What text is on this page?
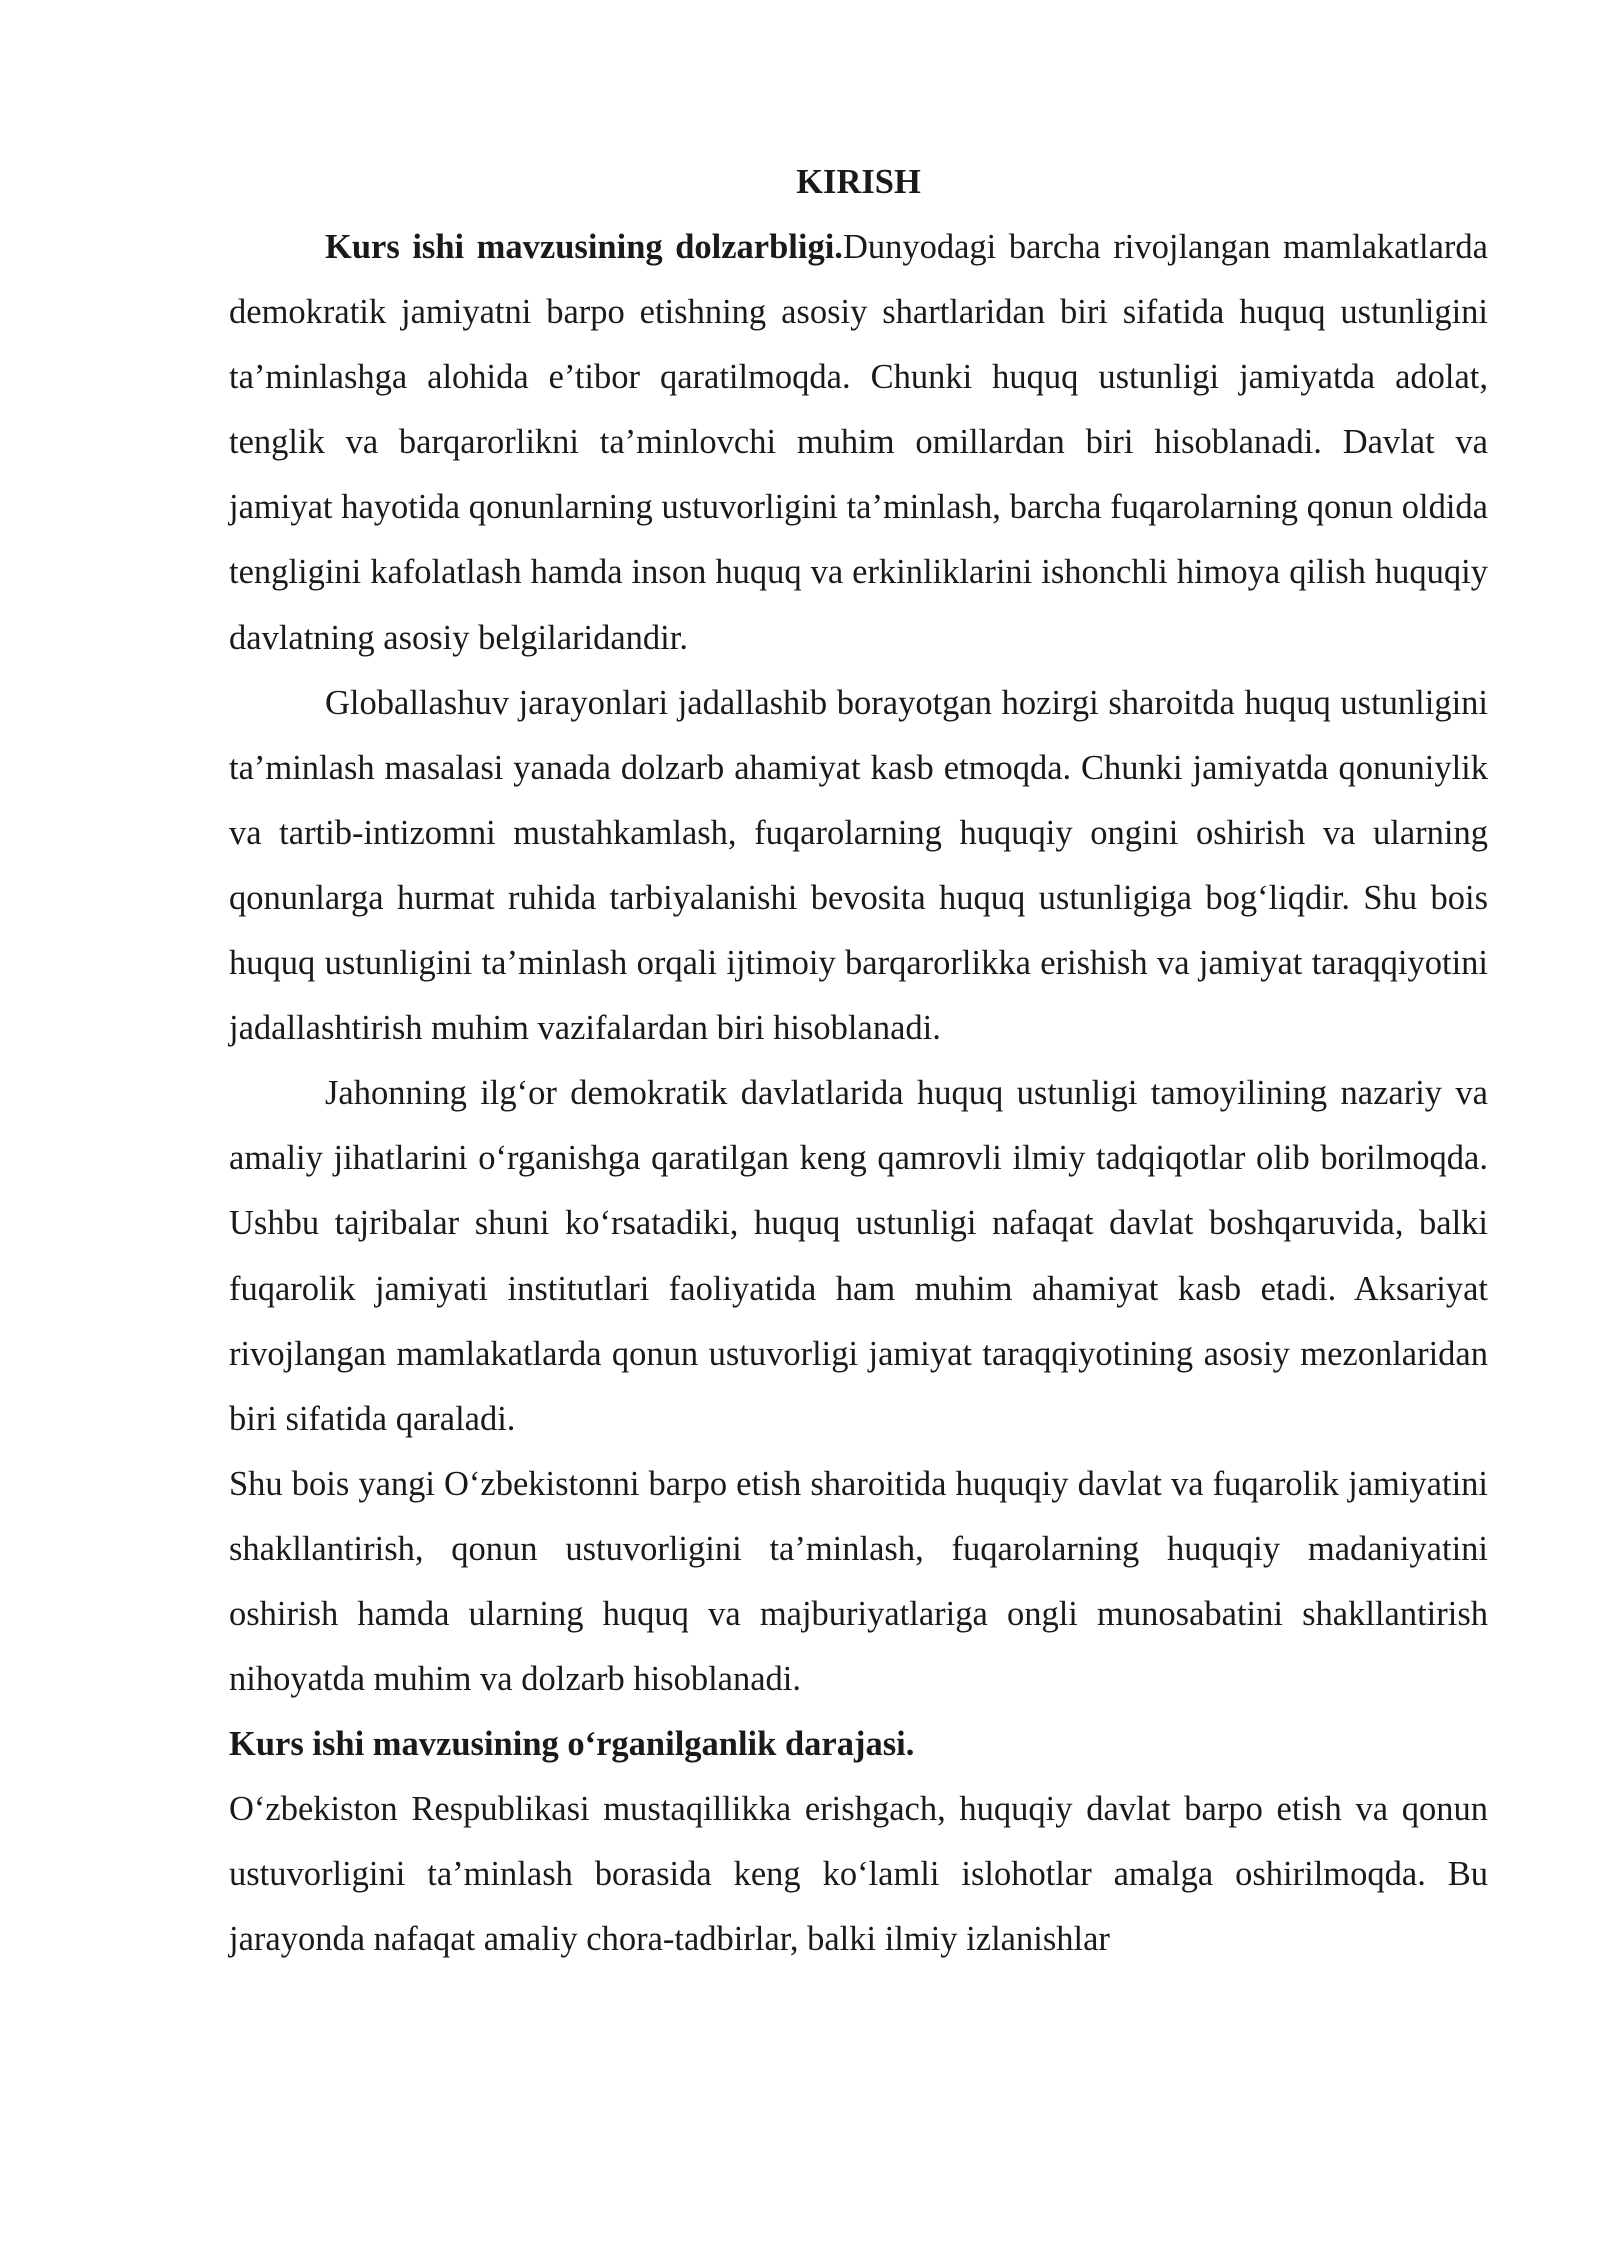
KIRISH

Kurs ishi mavzusining dolzarbligi.Dunyodagi barcha rivojlangan mamlakatlarda demokratik jamiyatni barpo etishning asosiy shartlaridan biri sifatida huquq ustunligini ta’minlashga alohida e’tibor qaratilmoqda. Chunki huquq ustunligi jamiyatda adolat, tenglik va barqarorlikni ta’minlovchi muhim omillardan biri hisoblanadi. Davlat va jamiyat hayotida qonunlarning ustuvorligini ta’minlash, barcha fuqarolarning qonun oldida tengligini kafolatlash hamda inson huquq va erkinliklarini ishonchli himoya qilish huquqiy davlatning asosiy belgilaridandir.

Globallashuv jarayonlari jadallashib borayotgan hozirgi sharoitda huquq ustunligini ta’minlash masalasi yanada dolzarb ahamiyat kasb etmoqda. Chunki jamiyatda qonuniylik va tartib-intizomni mustahkamlash, fuqarolarning huquqiy ongini oshirish va ularning qonunlarga hurmat ruhida tarbiyalanishi bevosita huquq ustunligiga bog‘liqdir. Shu bois huquq ustunligini ta’minlash orqali ijtimoiy barqarorlikka erishish va jamiyat taraqqiyotini jadallashtirish muhim vazifalardan biri hisoblanadi.

Jahonning ilg‘or demokratik davlatlarida huquq ustunligi tamoyilining nazariy va amaliy jihatlarini o‘rganishga qaratilgan keng qamrovli ilmiy tadqiqotlar olib borilmoqda. Ushbu tajribalar shuni ko‘rsatadiki, huquq ustunligi nafaqat davlat boshqaruvida, balki fuqarolik jamiyati institutlari faoliyatida ham muhim ahamiyat kasb etadi. Aksariyat rivojlangan mamlakatlarda qonun ustuvorligi jamiyat taraqqiyotining asosiy mezonlaridan biri sifatida qaraladi.

Shu bois yangi O‘zbekistonni barpo etish sharoitida huquqiy davlat va fuqarolik jamiyatini shakllantirish, qonun ustuvorligini ta’minlash, fuqarolarning huquqiy madaniyatini oshirish hamda ularning huquq va majburiyatlariga ongli munosabatini shakllantirish nihoyatda muhim va dolzarb hisoblanadi.

Kurs ishi mavzusining o‘rganilganlik darajasi.

O‘zbekiston Respublikasi mustaqillikka erishgach, huquqiy davlat barpo etish va qonun ustuvorligini ta’minlash borasida keng ko‘lamli islohotlar amalga oshirilmoqda. Bu jarayonda nafaqat amaliy chora-tadbirlar, balki ilmiy izlanishlar
